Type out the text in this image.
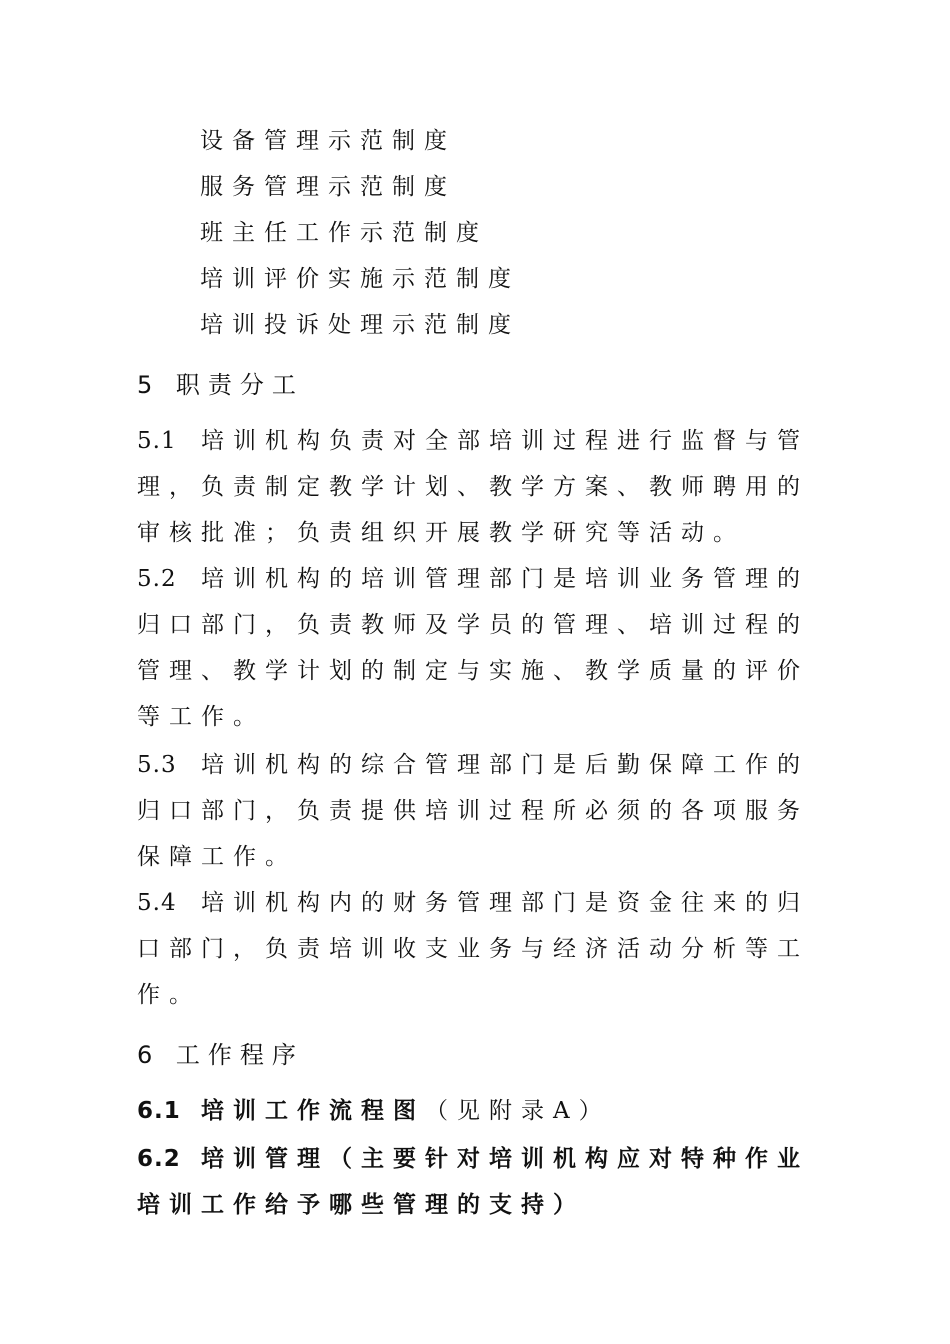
设备管理示范制度
服务管理示范制度
班主任工作示范制度
培训评价实施示范制度
培训投诉处理示范制度
5 职责分工
5.1 培训机构负责对全部培训过程进行监督与管
理，负责制定教学计划、教学方案、教师聘用的
审核批准；负责组织开展教学研究等活动。
5.2 培训机构的培训管理部门是培训业务管理的
归口部门，负责教师及学员的管理、培训过程的
管理、教学计划的制定与实施、教学质量的评价
等工作。
5.3 培训机构的综合管理部门是后勤保障工作的
归口部门，负责提供培训过程所必须的各项服务
保障工作。
5.4 培训机构内的财务管理部门是资金往来的归
口部门，负责培训收支业务与经济活动分析等工
作。
6 工作程序
6.1 培训工作流程图（见附录A）
6.2 培训管理（主要针对培训机构应对特种作业
培训工作给予哪些管理的支持）
